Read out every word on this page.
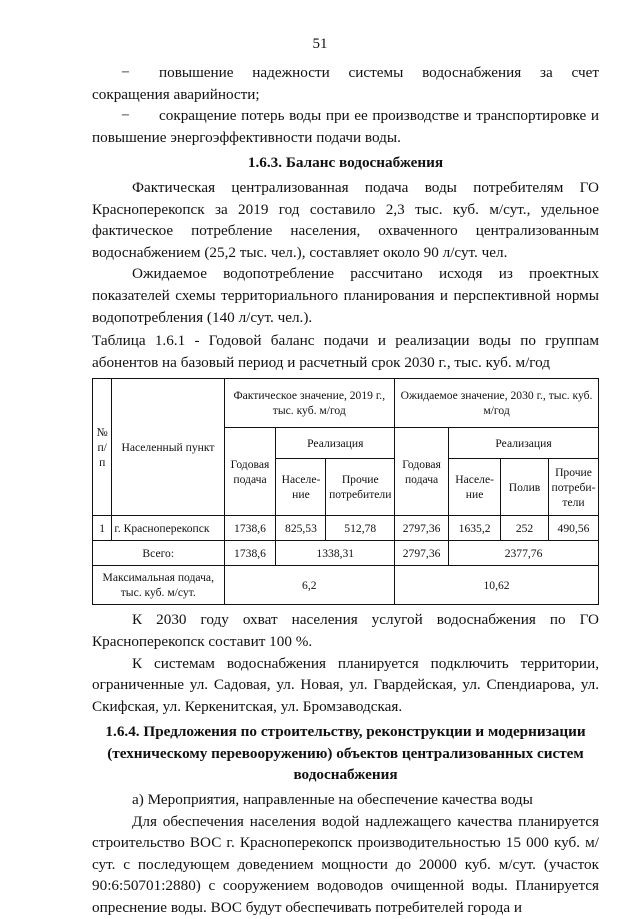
51

− повышение надежности системы водоснабжения за счет сокращения аварийности;

− сокращение потерь воды при ее производстве и транспортировке и повышение энергоэффективности подачи воды.

1.6.3. Баланс водоснабжения

Фактическая централизованная подача воды потребителям ГО Красноперекопск за 2019 год составило 2,3 тыс. куб. м/сут., удельное фактическое потребление населения, охваченного централизованным водоснабжением (25,2 тыс. чел.), составляет около 90 л/сут. чел.

Ожидаемое водопотребление рассчитано исходя из проектных показателей схемы территориального планирования и перспективной нормы водопотребления (140 л/сут. чел.).

Таблица 1.6.1 - Годовой баланс подачи и реализации воды по группам абонентов на базовый период и расчетный срок 2030 г., тыс. куб. м/год

№ п/п	Населенный пункт	Фактическое значение, 2019 г., тыс. куб. м/год			Ожидаемое значение, 2030 г., тыс. куб. м/год			
		Годовая подача	Реализация		Годовая подача	Реализация		
			Населе-ние	Прочие потребители		Населе-ние	Полив	Прочие потреби-тели
1	г. Красноперекопск	1738,6	825,53	512,78	2797,36	1635,2	252	490,56
Всего:		1738,6	1338,31		2797,36	2377,76		
Максимальная подача, тыс. куб. м/сут.		6,2			10,62			

К 2030 году охват населения услугой водоснабжения по ГО Красноперекопск составит 100 %.

К системам водоснабжения планируется подключить территории, ограниченные ул. Садовая, ул. Новая, ул. Гвардейская, ул. Спендиарова, ул. Скифская, ул. Керкенитская, ул. Бромзаводская.

1.6.4. Предложения по строительству, реконструкции и модернизации (техническому перевооружению) объектов централизованных систем водоснабжения

а) Мероприятия, направленные на обеспечение качества воды

Для обеспечения населения водой надлежащего качества планируется строительство ВОС г. Красноперекопск производительностью 15 000 куб. м/сут. с последующем доведением мощности до 20000 куб. м/сут. (участок 90:6:50701:2880) с сооружением водоводов очищенной воды. Планируется опреснение воды. ВОС будут обеспечивать потребителей города и
